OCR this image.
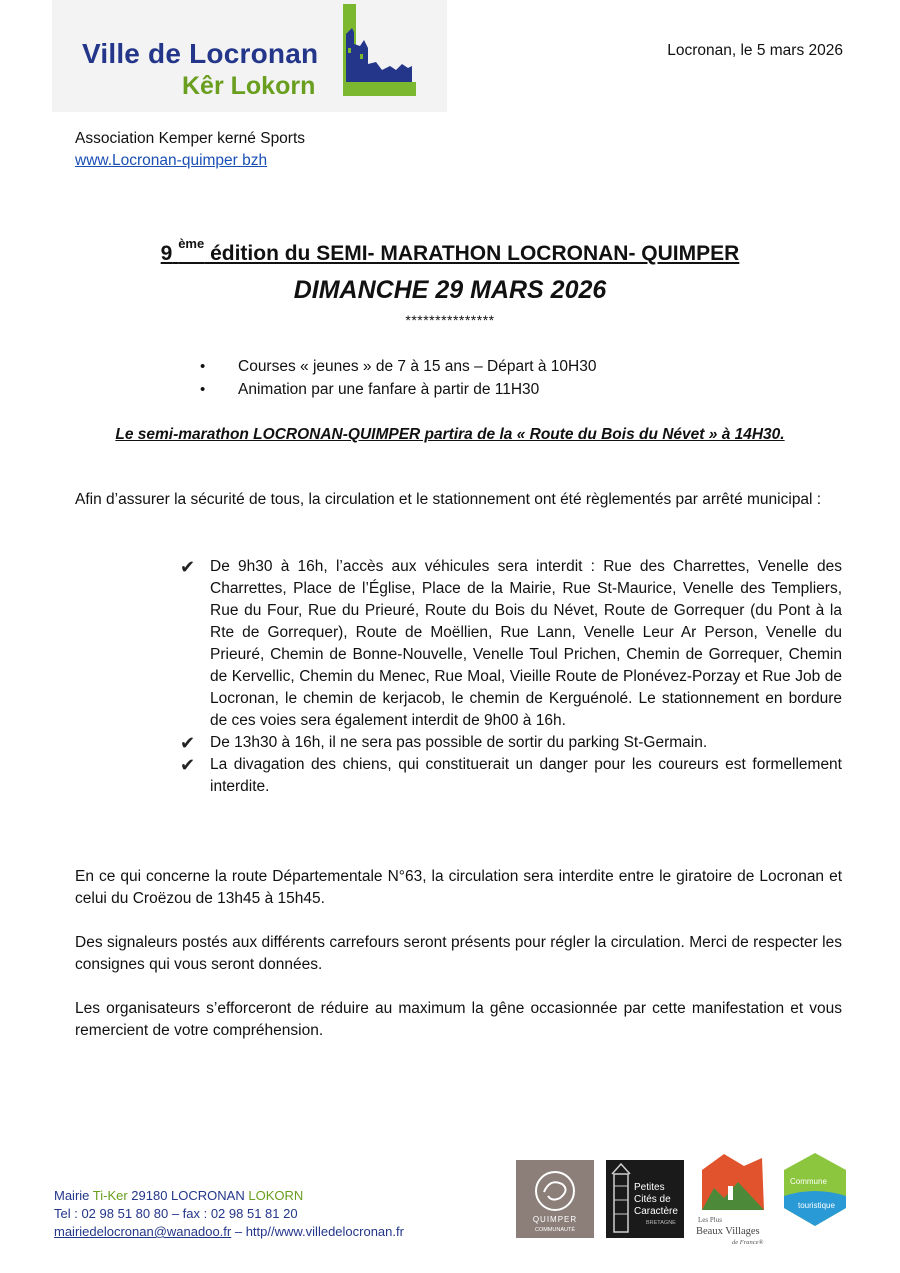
Ville de Locronan
Kêr Lokorn
Locronan, le 5 mars 2026
Association Kemper kerné Sports
www.Locronan-quimper bzh
9 $^{ème}$ édition du SEMI- MARATHON LOCRONAN- QUIMPER
DIMANCHE 29 MARS 2026
***************
•	Courses « jeunes » de 7 à 15 ans – Départ à 10H30
•	Animation par une fanfare à partir de 11H30
Le semi-marathon LOCRONAN-QUIMPER partira de la « Route du Bois du Névet » à 14H30.
Afin d’assurer la sécurité de tous, la circulation et le stationnement ont été règlementés par arrêté municipal :
✔ De 9h30 à 16h, l’accès aux véhicules sera interdit : Rue des Charrettes, Venelle des Charrettes, Place de l’Église, Place de la Mairie, Rue St-Maurice, Venelle des Templiers, Rue du Four, Rue du Prieuré, Route du Bois du Névet, Route de Gorrequer (du Pont à la Rte de Gorrequer), Route de Moëllien, Rue Lann, Venelle Leur Ar Person, Venelle du Prieuré, Chemin de Bonne-Nouvelle, Venelle Toul Prichen, Chemin de Gorrequer, Chemin de Kervellic, Chemin du Menec, Rue Moal, Vieille Route de Plonévez-Porzay et Rue Job de Locronan, le chemin de kerjacob, le chemin de Kerguénolé. Le stationnement en bordure de ces voies sera également interdit de 9h00 à 16h.
✔ De 13h30 à 16h, il ne sera pas possible de sortir du parking St-Germain.
✔ La divagation des chiens, qui constituerait un danger pour les coureurs est formellement interdite.
En ce qui concerne la route Départementale N°63, la circulation sera interdite entre le giratoire de Locronan et celui du Croëzou de 13h45 à 15h45.
Des signaleurs postés aux différents carrefours seront présents pour régler la circulation. Merci de respecter les consignes qui vous seront données.
Les organisateurs s’efforceront de réduire au maximum la gêne occasionnée par cette manifestation et vous remercient de votre compréhension.
Mairie Ti-Ker 29180 LOCRONAN LOKORN
Tel : 02 98 51 80 80 – fax : 02 98 51 81 20
mairiedelocronan@wanadoo.fr – http//www.villedelocronan.fr
QUIMPER
COMMUNAUTÉ
Petites
Cités de
Caractère
BRETAGNE	Les Plus
Beaux Villages
de France®
Commune
touristique
